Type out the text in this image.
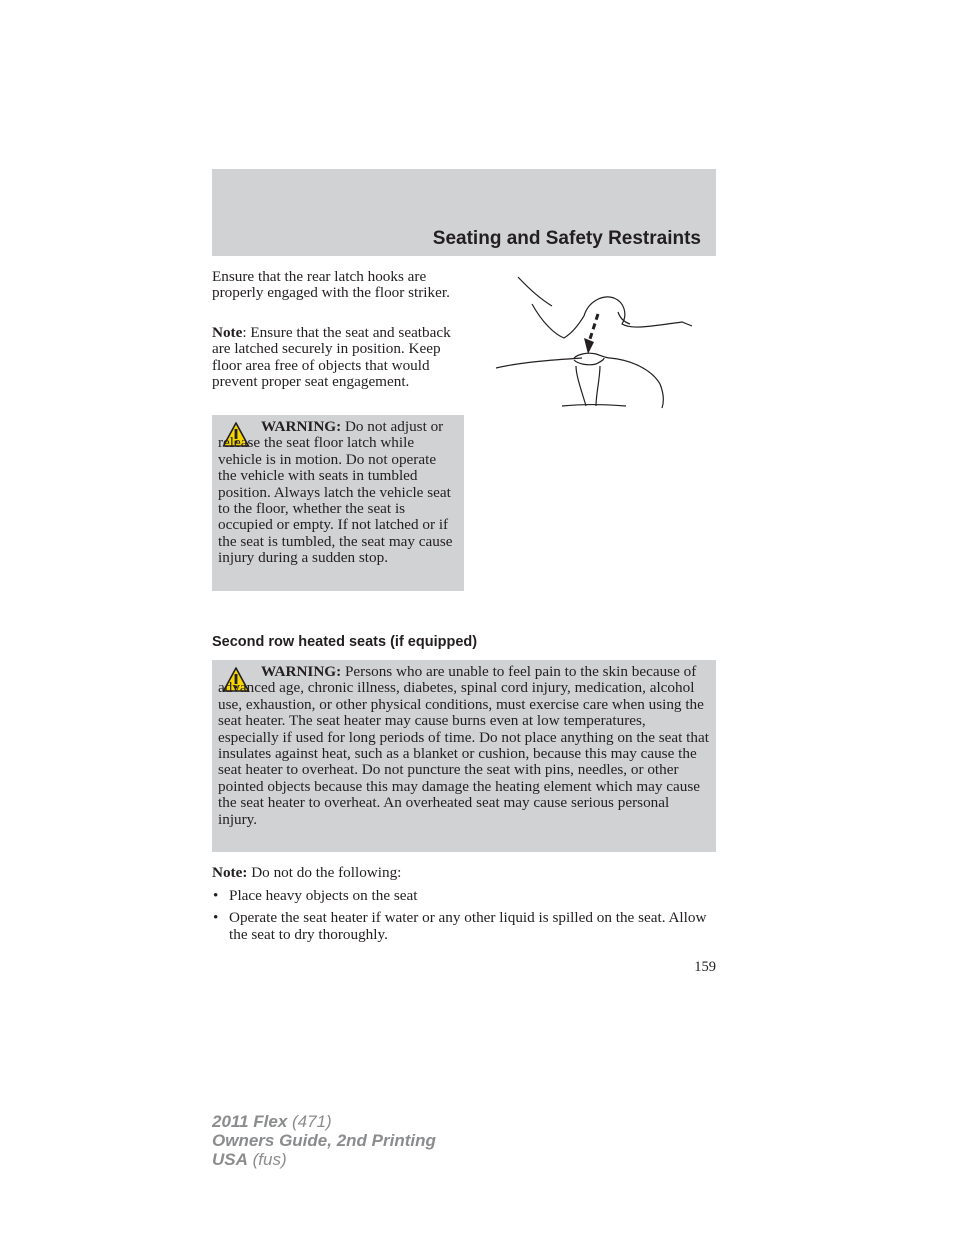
Seating and Safety Restraints

Ensure that the rear latch hooks are properly engaged with the floor striker.

Note: Ensure that the seat and seatback are latched securely in position. Keep floor area free of objects that would prevent proper seat engagement.

WARNING: Do not adjust or release the seat floor latch while vehicle is in motion. Do not operate the vehicle with seats in tumbled position. Always latch the vehicle seat to the floor, whether the seat is occupied or empty. If not latched or if the seat is tumbled, the seat may cause injury during a sudden stop.

Second row heated seats (if equipped)

WARNING: Persons who are unable to feel pain to the skin because of advanced age, chronic illness, diabetes, spinal cord injury, medication, alcohol use, exhaustion, or other physical conditions, must exercise care when using the seat heater. The seat heater may cause burns even at low temperatures, especially if used for long periods of time. Do not place anything on the seat that insulates against heat, such as a blanket or cushion, because this may cause the seat heater to overheat. Do not puncture the seat with pins, needles, or other pointed objects because this may damage the heating element which may cause the seat heater to overheat. An overheated seat may cause serious personal injury.

Note: Do not do the following:

• Place heavy objects on the seat
• Operate the seat heater if water or any other liquid is spilled on the seat. Allow the seat to dry thoroughly.
159
2011 Flex (471)
Owners Guide, 2nd Printing
USA (fus)
